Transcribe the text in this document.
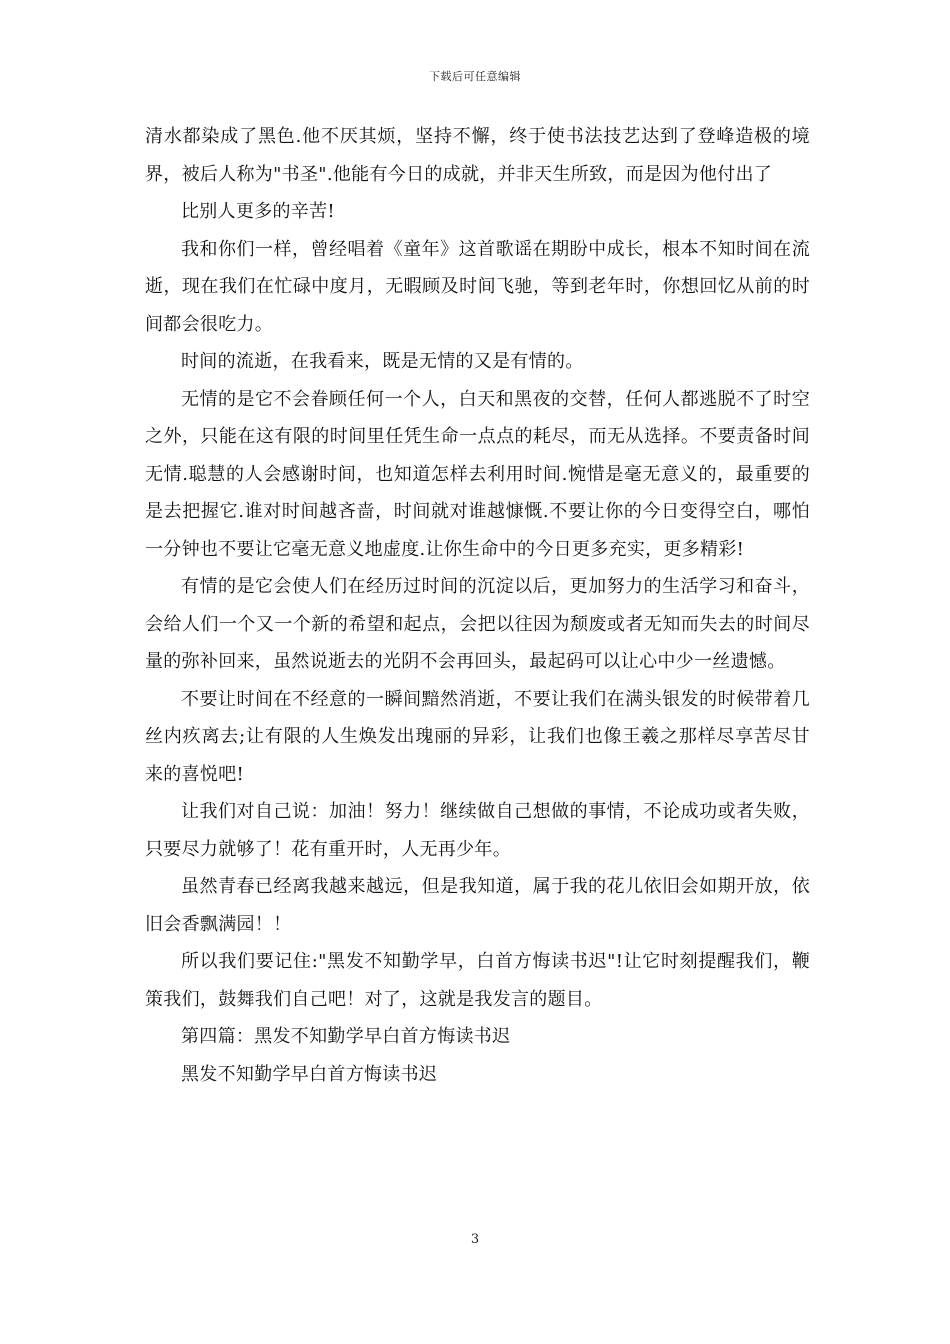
下载后可任意编辑

清水都染成了黑色.他不厌其烦，坚持不懈，终于使书法技艺达到了登峰造极的境界，被后人称为"书圣".他能有今日的成就，并非天生所致，而是因为他付出了

比别人更多的辛苦!

我和你们一样，曾经唱着《童年》这首歌谣在期盼中成长，根本不知时间在流逝，现在我们在忙碌中度月，无暇顾及时间飞驰，等到老年时，你想回忆从前的时间都会很吃力。

时间的流逝，在我看来，既是无情的又是有情的。

无情的是它不会眷顾任何一个人，白天和黑夜的交替，任何人都逃脱不了时空之外，只能在这有限的时间里任凭生命一点点的耗尽，而无从选择。不要责备时间无情.聪慧的人会感谢时间，也知道怎样去利用时间.惋惜是毫无意义的，最重要的是去把握它.谁对时间越吝啬，时间就对谁越慷慨.不要让你的今日变得空白，哪怕一分钟也不要让它毫无意义地虚度.让你生命中的今日更多充实，更多精彩!

有情的是它会使人们在经历过时间的沉淀以后，更加努力的生活学习和奋斗，会给人们一个又一个新的希望和起点，会把以往因为颓废或者无知而失去的时间尽量的弥补回来，虽然说逝去的光阴不会再回头，最起码可以让心中少一丝遗憾。

不要让时间在不经意的一瞬间黯然消逝，不要让我们在满头银发的时候带着几丝内疚离去;让有限的人生焕发出瑰丽的异彩，让我们也像王羲之那样尽享苦尽甘来的喜悦吧!

让我们对自己说：加油！努力！继续做自己想做的事情，不论成功或者失败，只要尽力就够了！花有重开时，人无再少年。

虽然青春已经离我越来越远，但是我知道，属于我的花儿依旧会如期开放，依旧会香飘满园！！

所以我们要记住:"黑发不知勤学早，白首方悔读书迟"!让它时刻提醒我们，鞭策我们，鼓舞我们自己吧！对了，这就是我发言的题目。

第四篇：黑发不知勤学早白首方悔读书迟

黑发不知勤学早白首方悔读书迟

3
